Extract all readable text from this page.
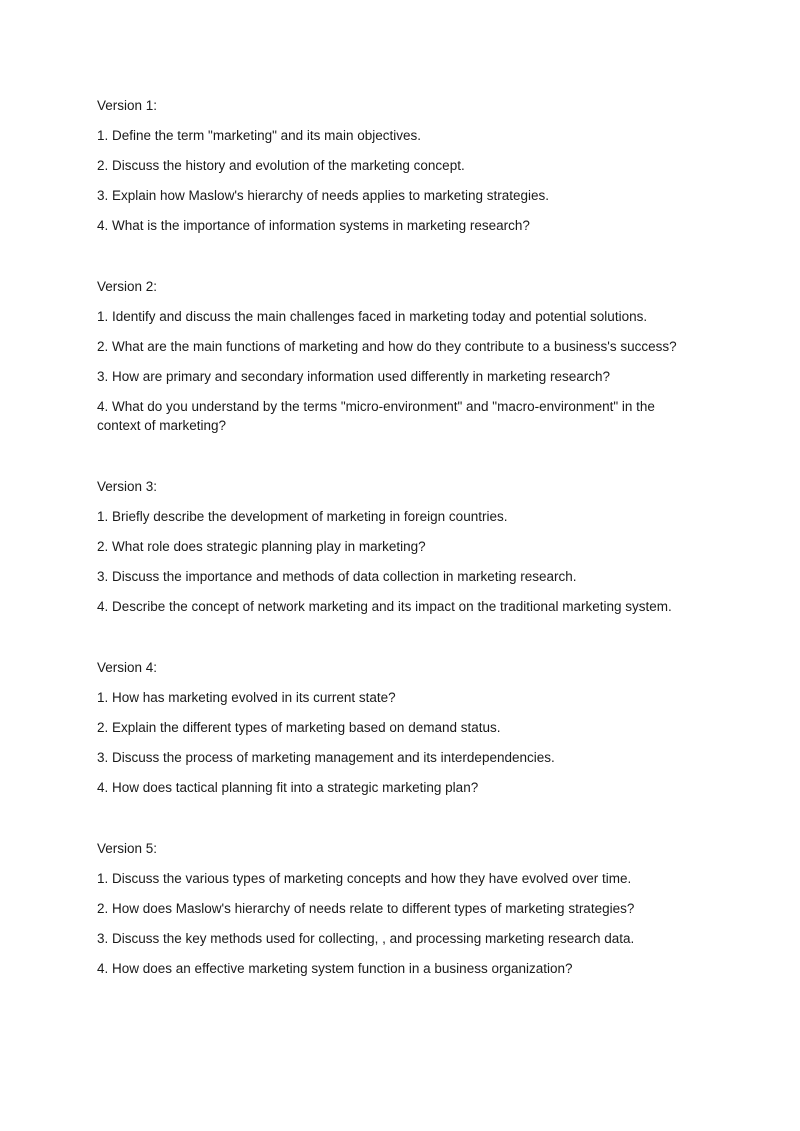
Version 1:
1. Define the term "marketing" and its main objectives.
2. Discuss the history and evolution of the marketing concept.
3. Explain how Maslow's hierarchy of needs applies to marketing strategies.
4. What is the importance of information systems in marketing research?
Version 2:
1. Identify and discuss the main challenges faced in marketing today and potential solutions.
2. What are the main functions of marketing and how do they contribute to a business's success?
3. How are primary and secondary information used differently in marketing research?
4. What do you understand by the terms "micro-environment" and "macro-environment" in the context of marketing?
Version 3:
1. Briefly describe the development of marketing in foreign countries.
2. What role does strategic planning play in marketing?
3. Discuss the importance and methods of data collection in marketing research.
4. Describe the concept of network marketing and its impact on the traditional marketing system.
Version 4:
1. How has marketing evolved in its current state?
2. Explain the different types of marketing based on demand status.
3. Discuss the process of marketing management and its interdependencies.
4. How does tactical planning fit into a strategic marketing plan?
Version 5:
1. Discuss the various types of marketing concepts and how they have evolved over time.
2. How does Maslow's hierarchy of needs relate to different types of marketing strategies?
3. Discuss the key methods used for collecting, , and processing marketing research data.
4. How does an effective marketing system function in a business organization?
